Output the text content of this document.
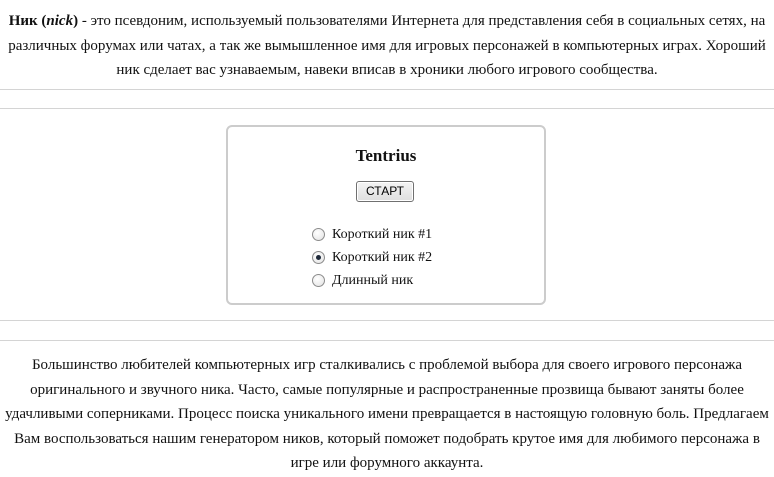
Ник (nick) - это псевдоним, используемый пользователями Интернета для представления себя в социальных сетях, на различных форумах или чатах, а так же вымышленное имя для игровых персонажей в компьютерных играх. Хороший ник сделает вас узнаваемым, навеки вписав в хроники любого игрового сообщества.
Tentrius
СТАРТ
Короткий ник #1
Короткий ник #2
Длинный ник
Большинство любителей компьютерных игр сталкивались с проблемой выбора для своего игрового персонажа оригинального и звучного ника. Часто, самые популярные и распространенные прозвища бывают заняты более удачливыми соперниками. Процесс поиска уникального имени превращается в настоящую головную боль. Предлагаем Вам воспользоваться нашим генератором ников, который поможет подобрать крутое имя для любимого персонажа в игре или форумного аккаунта.
